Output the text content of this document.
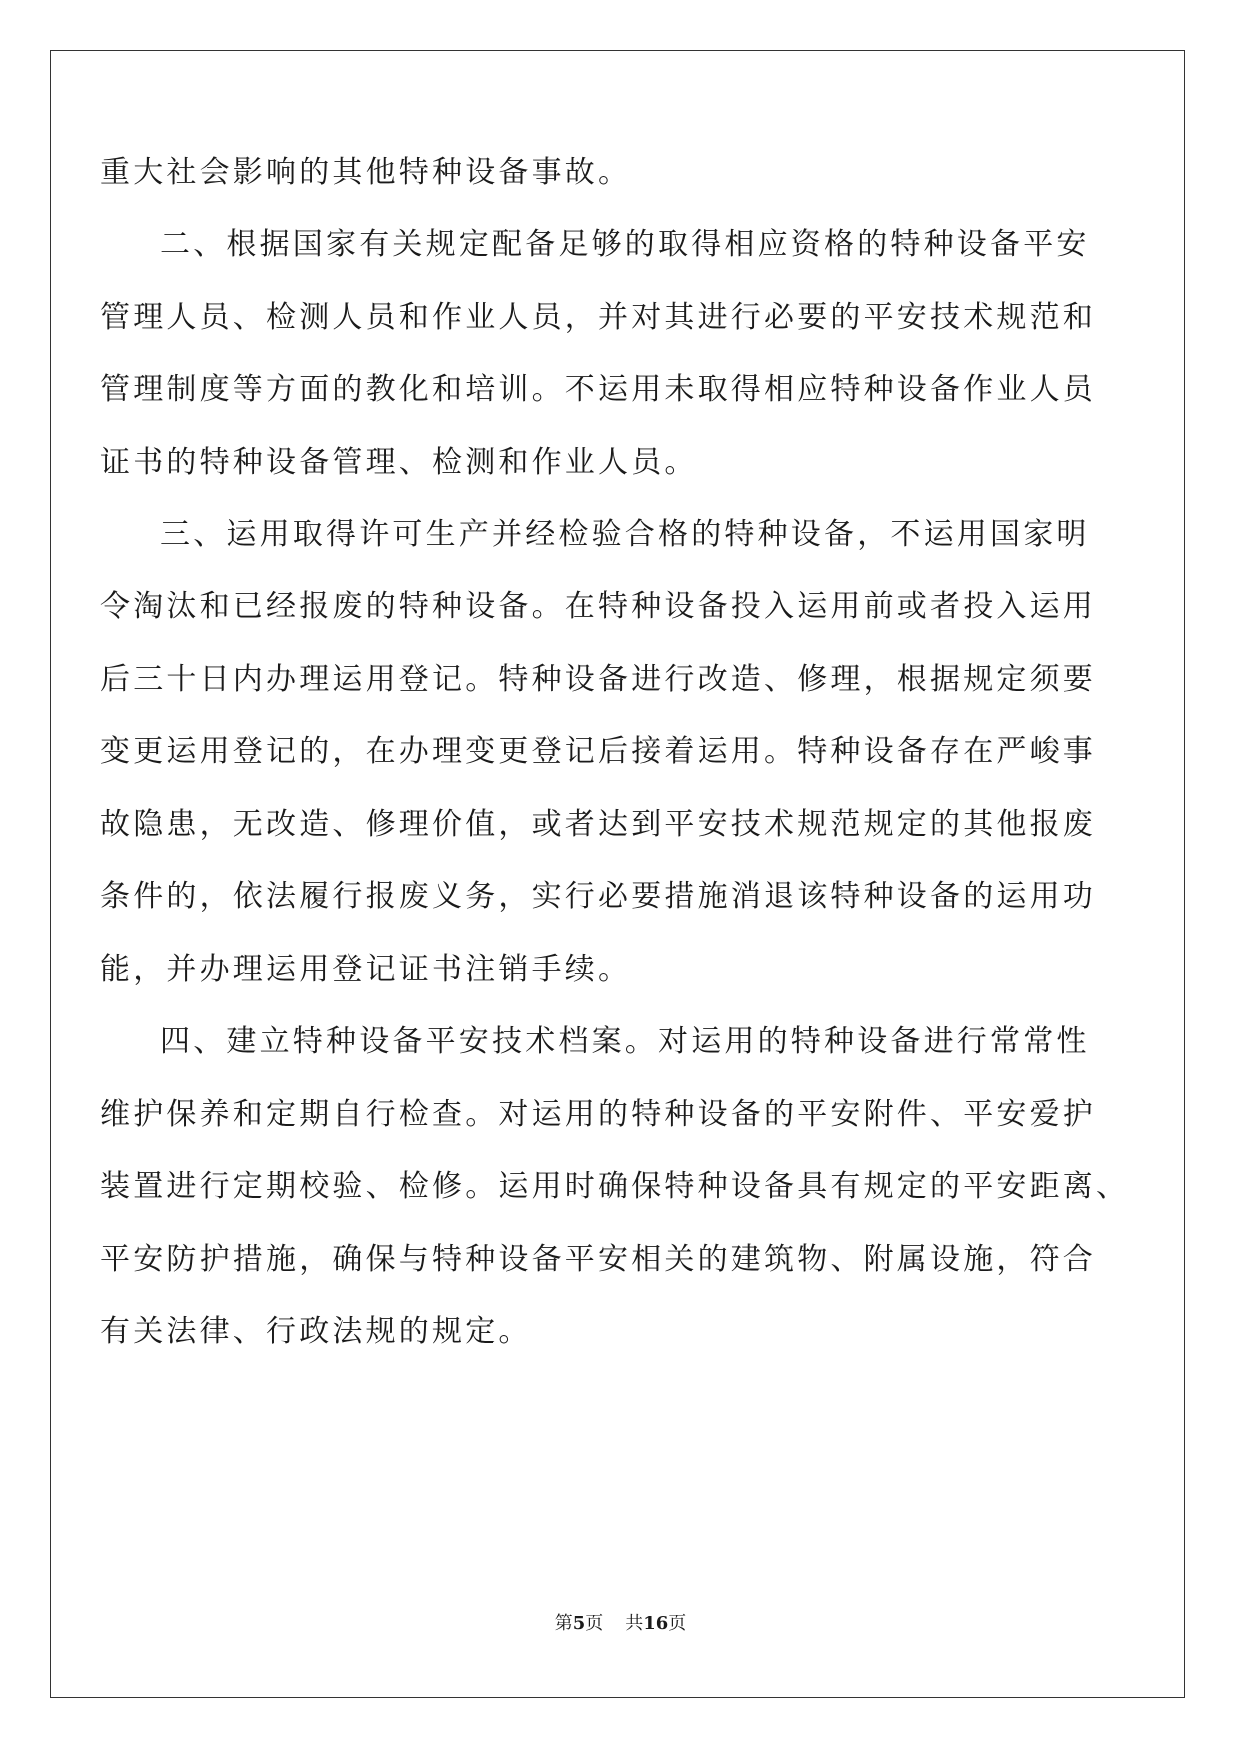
重大社会影响的其他特种设备事故。
二、根据国家有关规定配备足够的取得相应资格的特种设备平安
管理人员、检测人员和作业人员，并对其进行必要的平安技术规范和
管理制度等方面的教化和培训。不运用未取得相应特种设备作业人员
证书的特种设备管理、检测和作业人员。
三、运用取得许可生产并经检验合格的特种设备，不运用国家明
令淘汰和已经报废的特种设备。在特种设备投入运用前或者投入运用
后三十日内办理运用登记。特种设备进行改造、修理，根据规定须要
变更运用登记的，在办理变更登记后接着运用。特种设备存在严峻事
故隐患，无改造、修理价值，或者达到平安技术规范规定的其他报废
条件的，依法履行报废义务，实行必要措施消退该特种设备的运用功
能，并办理运用登记证书注销手续。
四、建立特种设备平安技术档案。对运用的特种设备进行常常性
维护保养和定期自行检查。对运用的特种设备的平安附件、平安爱护
装置进行定期校验、检修。运用时确保特种设备具有规定的平安距离、
平安防护措施，确保与特种设备平安相关的建筑物、附属设施，符合
有关法律、行政法规的规定。
第5页 共16页
